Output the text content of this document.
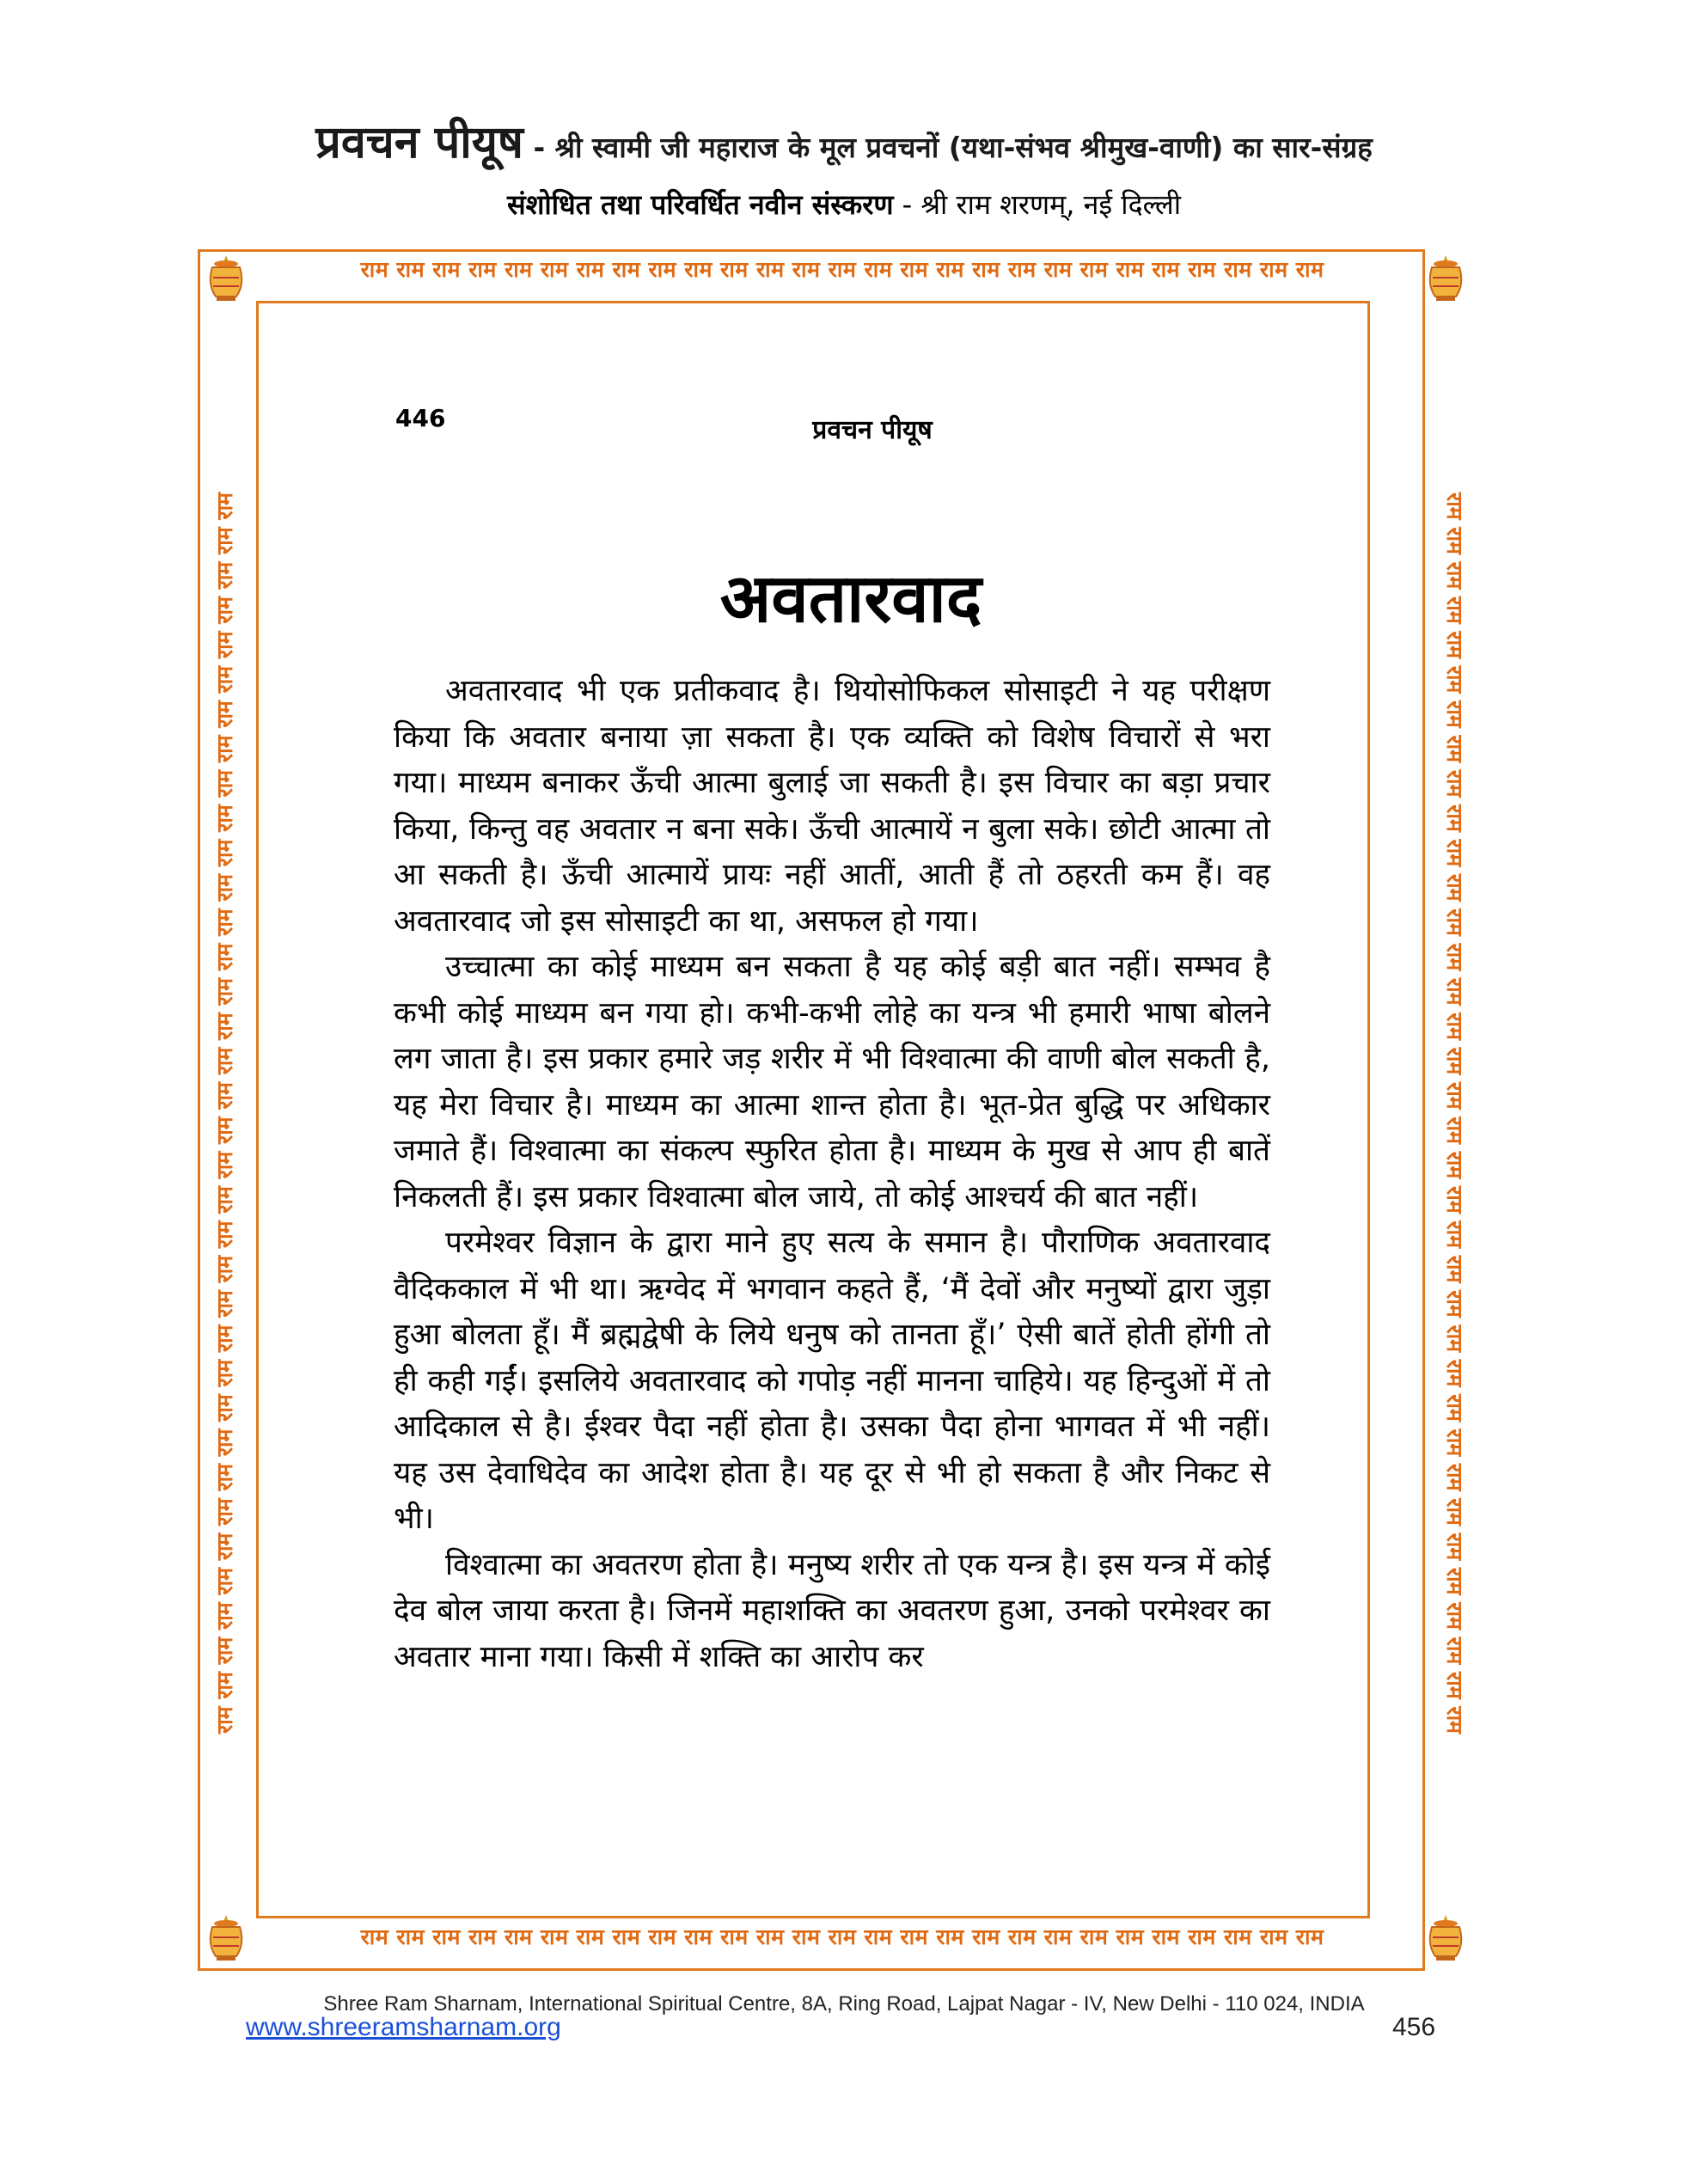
प्रवचन पीयूष - श्री स्वामी जी महाराज के मूल प्रवचनों (यथा-संभव श्रीमुख-वाणी) का सार-संग्रह
संशोधित तथा परिवर्धित नवीन संस्करण - श्री राम शरणम्, नई दिल्ली
राम राम राम राम राम राम राम राम राम राम राम राम राम राम राम राम राम राम राम राम राम राम राम राम राम राम राम
राम राम राम राम राम राम राम राम राम राम राम राम राम राम राम राम राम राम राम राम राम राम राम राम राम राम राम
राम राम राम राम राम राम राम राम राम राम राम राम राम राम राम राम राम राम राम राम राम राम राम राम राम राम राम राम राम राम राम राम राम राम राम राम	राम राम राम राम राम राम राम राम राम राम राम राम राम राम राम राम राम राम राम राम राम राम राम राम राम राम राम राम राम राम राम राम राम राम राम राम
446	प्रवचन पीयूष
अवतारवाद

अवतारवाद भी एक प्रतीकवाद है। थियोसोफिकल सोसाइटी ने यह परीक्षण किया कि अवतार बनाया ज़ा सकता है। एक व्यक्ति को विशेष विचारों से भरा गया। माध्यम बनाकर ऊँची आत्मा बुलाई जा सकती है। इस विचार का बड़ा प्रचार किया, किन्तु वह अवतार न बना सके। ऊँची आत्मायें न बुला सके। छोटी आत्मा तो आ सकती है। ऊँची आत्मायें प्रायः नहीं आतीं, आती हैं तो ठहरती कम हैं। वह अवतारवाद जो इस सोसाइटी का था, असफल हो गया।

उच्चात्मा का कोई माध्यम बन सकता है यह कोई बड़ी बात नहीं। सम्भव है कभी कोई माध्यम बन गया हो। कभी-कभी लोहे का यन्त्र भी हमारी भाषा बोलने लग जाता है। इस प्रकार हमारे जड़ शरीर में भी विश्वात्मा की वाणी बोल सकती है, यह मेरा विचार है। माध्यम का आत्मा शान्त होता है। भूत-प्रेत बुद्धि पर अधिकार जमाते हैं। विश्वात्मा का संकल्प स्फुरित होता है। माध्यम के मुख से आप ही बातें निकलती हैं। इस प्रकार विश्वात्मा बोल जाये, तो कोई आश्चर्य की बात नहीं।

परमेश्वर विज्ञान के द्वारा माने हुए सत्य के समान है। पौराणिक अवतारवाद वैदिककाल में भी था। ऋग्वेद में भगवान कहते हैं, ‘मैं देवों और मनुष्यों द्वारा जुड़ा हुआ बोलता हूँ। मैं ब्रह्मद्वेषी के लिये धनुष को तानता हूँ।’ ऐसी बातें होती होंगी तो ही कही गईं। इसलिये अवतारवाद को गपोड़ नहीं मानना चाहिये। यह हिन्दुओं में तो आदिकाल से है। ईश्वर पैदा नहीं होता है। उसका पैदा होना भागवत में भी नहीं। यह उस देवाधिदेव का आदेश होता है। यह दूर से भी हो सकता है और निकट से भी।

विश्वात्मा का अवतरण होता है। मनुष्य शरीर तो एक यन्त्र है। इस यन्त्र में कोई देव बोल जाया करता है। जिनमें महाशक्ति का अवतरण हुआ, उनको परमेश्वर का अवतार माना गया। किसी में शक्ति का आरोप कर

Shree Ram Sharnam, International Spiritual Centre, 8A, Ring Road, Lajpat Nagar - IV, New Delhi - 110 024, INDIA
www.shreeramsharnam.org	456
